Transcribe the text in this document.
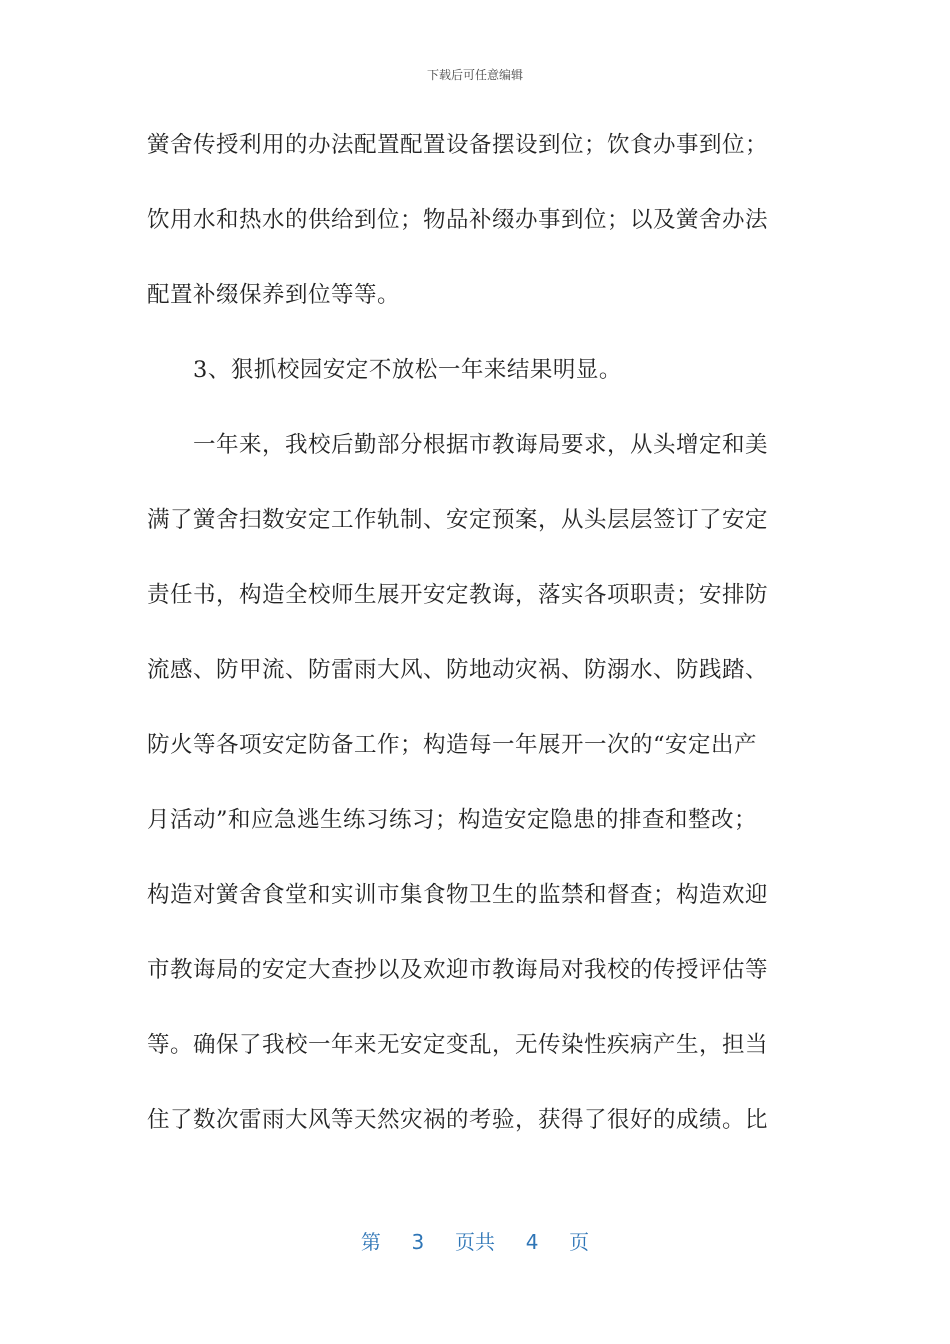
下载后可任意编辑
黉舍传授利用的办法配置配置设备摆设到位；饮食办事到位；
饮用水和热水的供给到位；物品补缀办事到位；以及黉舍办法
配置补缀保养到位等等。
3、狠抓校园安定不放松一年来结果明显。
一年来，我校后勤部分根据市教诲局要求，从头增定和美
满了黉舍扫数安定工作轨制、安定预案，从头层层签订了安定
责任书，构造全校师生展开安定教诲，落实各项职责；安排防
流感、防甲流、防雷雨大风、防地动灾祸、防溺水、防践踏、
防火等各项安定防备工作；构造每一年展开一次的“安定出产
月活动”和应急逃生练习练习；构造安定隐患的排查和整改；
构造对黉舍食堂和实训市集食物卫生的监禁和督查；构造欢迎
市教诲局的安定大查抄以及欢迎市教诲局对我校的传授评估等
等。确保了我校一年来无安定变乱，无传染性疾病产生，担当
住了数次雷雨大风等天然灾祸的考验，获得了很好的成绩。比
第 3 页共 4 页
